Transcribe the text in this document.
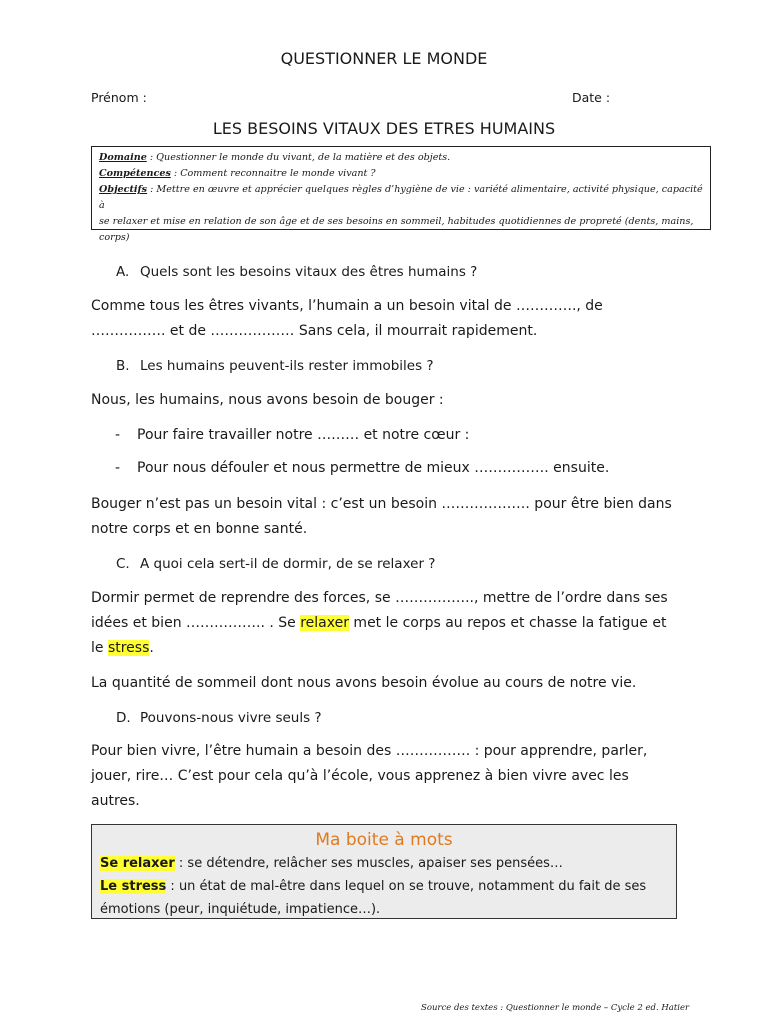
QUESTIONNER LE MONDE
Prénom :	Date :
LES BESOINS VITAUX DES ETRES HUMAINS
Domaine : Questionner le monde du vivant, de la matière et des objets.
Compétences : Comment reconnaitre le monde vivant ?
Objectifs : Mettre en œuvre et apprécier quelques règles d’hygiène de vie : variété alimentaire, activité physique, capacité à
se relaxer et mise en relation de son âge et de ses besoins en sommeil, habitudes quotidiennes de propreté (dents, mains,
corps)
A. Quels sont les besoins vitaux des êtres humains ?
Comme tous les êtres vivants, l’humain a un besoin vital de …………., de
……………. et de ……………… Sans cela, il mourrait rapidement.
B. Les humains peuvent-ils rester immobiles ?
Nous, les humains, nous avons besoin de bouger :
- Pour faire travailler notre ……… et notre cœur :
- Pour nous défouler et nous permettre de mieux ……………. ensuite.
Bouger n’est pas un besoin vital : c’est un besoin ………………. pour être bien dans
notre corps et en bonne santé.
C. A quoi cela sert-il de dormir, de se relaxer ?
Dormir permet de reprendre des forces, se …………….., mettre de l’ordre dans ses
idées et bien …………….. . Se relaxer met le corps au repos et chasse la fatigue et
le stress.
La quantité de sommeil dont nous avons besoin évolue au cours de notre vie.
D. Pouvons-nous vivre seuls ?
Pour bien vivre, l’être humain a besoin des ……………. : pour apprendre, parler,
jouer, rire… C’est pour cela qu’à l’école, vous apprenez à bien vivre avec les
autres.
Ma boite à mots
Se relaxer : se détendre, relâcher ses muscles, apaiser ses pensées…
Le stress : un état de mal-être dans lequel on se trouve, notamment du fait de ses
émotions (peur, inquiétude, impatience…).
Source des textes : Questionner le monde – Cycle 2 ed. Hatier
